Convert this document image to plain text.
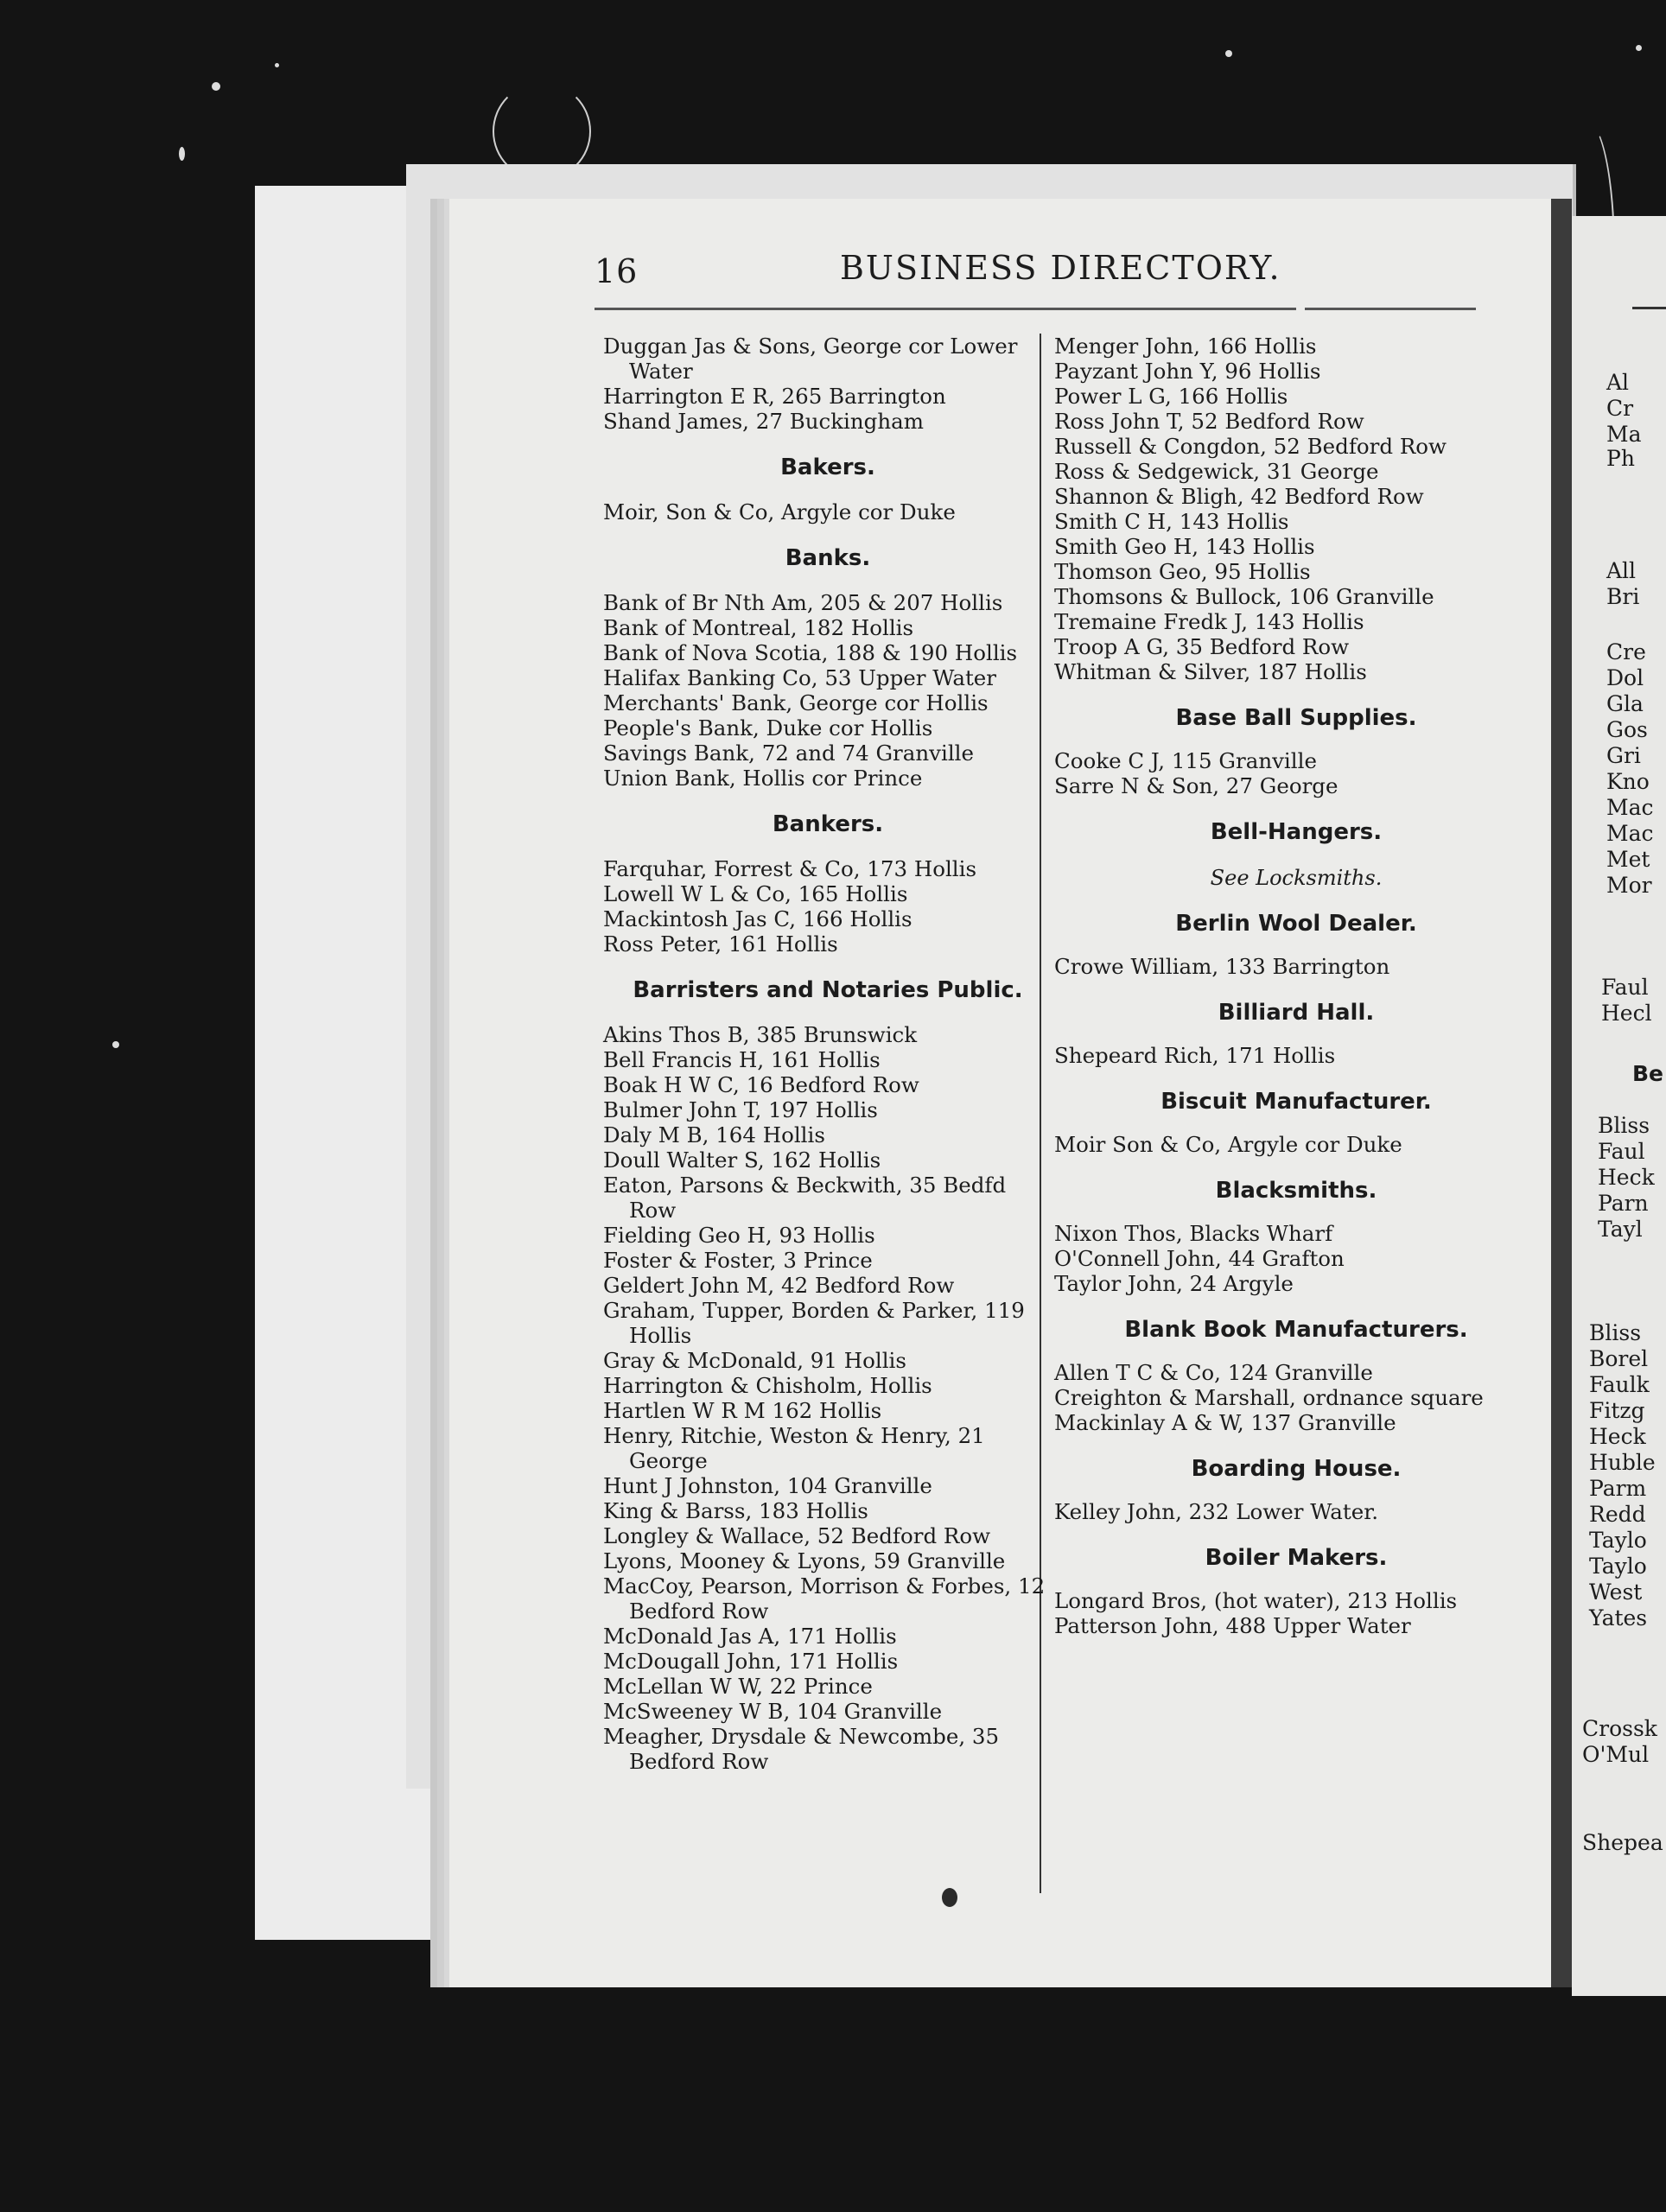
Al
Cr
Ma
Ph
All
Bri
Cre
Dol
Gla
Gos
Gri
Kno
Mac
Mac
Met
Mor
Faul
Hecl
Be
Bliss
Faul
Heck
Parn
Tayl
Bliss
Borel
Faulk
Fitzg
Heck
Huble
Parm
Redd
Taylo
Taylo
West
Yates
Crossk
O'Mul
Shepea
16	BUSINESS DIRECTORY.

Duggan Jas & Sons, George cor Lower Water

Harrington E R, 265 Barrington

Shand James, 27 Buckingham

Bakers.

Moir, Son & Co, Argyle cor Duke

Banks.

Bank of Br Nth Am, 205 & 207 Hollis

Bank of Montreal, 182 Hollis

Bank of Nova Scotia, 188 & 190 Hollis

Halifax Banking Co, 53 Upper Water

Merchants' Bank, George cor Hollis

People's Bank, Duke cor Hollis

Savings Bank, 72 and 74 Granville

Union Bank, Hollis cor Prince

Bankers.

Farquhar, Forrest & Co, 173 Hollis

Lowell W L & Co, 165 Hollis

Mackintosh Jas C, 166 Hollis

Ross Peter, 161 Hollis

Barristers and Notaries Public.

Akins Thos B, 385 Brunswick

Bell Francis H, 161 Hollis

Boak H W C, 16 Bedford Row

Bulmer John T, 197 Hollis

Daly M B, 164 Hollis

Doull Walter S, 162 Hollis

Eaton, Parsons & Beckwith, 35 Bedfd Row

Fielding Geo H, 93 Hollis

Foster & Foster, 3 Prince

Geldert John M, 42 Bedford Row

Graham, Tupper, Borden & Parker, 119 Hollis

Gray & McDonald, 91 Hollis

Harrington & Chisholm, Hollis

Hartlen W R M 162 Hollis

Henry, Ritchie, Weston & Henry, 21 George

Hunt J Johnston, 104 Granville

King & Barss, 183 Hollis

Longley & Wallace, 52 Bedford Row

Lyons, Mooney & Lyons, 59 Granville

MacCoy, Pearson, Morrison & Forbes, 12 Bedford Row

McDonald Jas A, 171 Hollis

McDougall John, 171 Hollis

McLellan W W, 22 Prince

McSweeney W B, 104 Granville

Meagher, Drysdale & Newcombe, 35 Bedford Row

Menger John, 166 Hollis

Payzant John Y, 96 Hollis

Power L G, 166 Hollis

Ross John T, 52 Bedford Row

Russell & Congdon, 52 Bedford Row

Ross & Sedgewick, 31 George

Shannon & Bligh, 42 Bedford Row

Smith C H, 143 Hollis

Smith Geo H, 143 Hollis

Thomson Geo, 95 Hollis

Thomsons & Bullock, 106 Granville

Tremaine Fredk J, 143 Hollis

Troop A G, 35 Bedford Row

Whitman & Silver, 187 Hollis

Base Ball Supplies.

Cooke C J, 115 Granville

Sarre N & Son, 27 George

Bell-Hangers.

See Locksmiths.

Berlin Wool Dealer.

Crowe William, 133 Barrington

Billiard Hall.

Shepeard Rich, 171 Hollis

Biscuit Manufacturer.

Moir Son & Co, Argyle cor Duke

Blacksmiths.

Nixon Thos, Blacks Wharf

O'Connell John, 44 Grafton

Taylor John, 24 Argyle

Blank Book Manufacturers.

Allen T C & Co, 124 Granville

Creighton & Marshall, ordnance square

Mackinlay A & W, 137 Granville

Boarding House.

Kelley John, 232 Lower Water.

Boiler Makers.

Longard Bros, (hot water), 213 Hollis

Patterson John, 488 Upper Water
